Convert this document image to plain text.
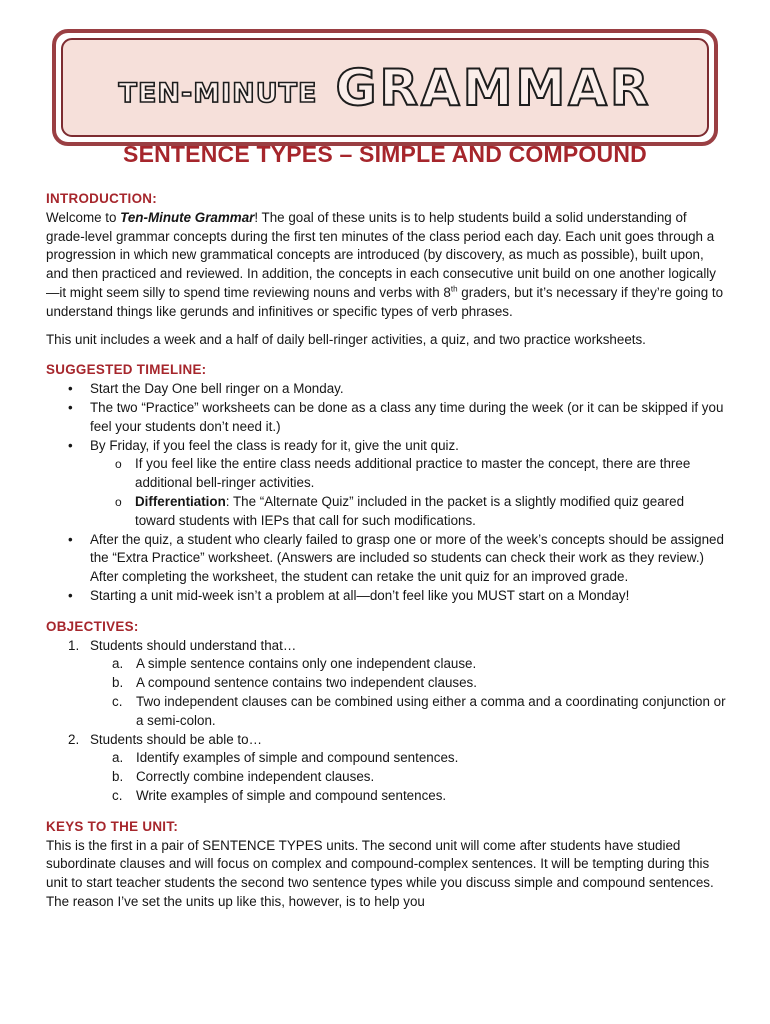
TEN-MINUTE GRAMMAR
SENTENCE TYPES – SIMPLE AND COMPOUND
INTRODUCTION:

Welcome to Ten-Minute Grammar! The goal of these units is to help students build a solid understanding of grade-level grammar concepts during the first ten minutes of the class period each day. Each unit goes through a progression in which new grammatical concepts are introduced (by discovery, as much as possible), built upon, and then practiced and reviewed. In addition, the concepts in each consecutive unit build on one another logically—it might seem silly to spend time reviewing nouns and verbs with 8th graders, but it’s necessary if they’re going to understand things like gerunds and infinitives or specific types of verb phrases.

This unit includes a week and a half of daily bell-ringer activities, a quiz, and two practice worksheets.

SUGGESTED TIMELINE:
• Start the Day One bell ringer on a Monday.
• The two “Practice” worksheets can be done as a class any time during the week (or it can be skipped if you feel your students don’t need it.)
• By Friday, if you feel the class is ready for it, give the unit quiz.
o If you feel like the entire class needs additional practice to master the concept, there are three additional bell-ringer activities.
o Differentiation: The “Alternate Quiz” included in the packet is a slightly modified quiz geared toward students with IEPs that call for such modifications.
• After the quiz, a student who clearly failed to grasp one or more of the week’s concepts should be assigned the “Extra Practice” worksheet. (Answers are included so students can check their work as they review.) After completing the worksheet, the student can retake the unit quiz for an improved grade.
• Starting a unit mid-week isn’t a problem at all—don’t feel like you MUST start on a Monday!
OBJECTIVES:
1. Students should understand that…
a. A simple sentence contains only one independent clause.
b. A compound sentence contains two independent clauses.
c. Two independent clauses can be combined using either a comma and a coordinating conjunction or a semi-colon.
2. Students should be able to…
a. Identify examples of simple and compound sentences.
b. Correctly combine independent clauses.
c. Write examples of simple and compound sentences.
KEYS TO THE UNIT:

This is the first in a pair of SENTENCE TYPES units. The second unit will come after students have studied subordinate clauses and will focus on complex and compound-complex sentences. It will be tempting during this unit to start teacher students the second two sentence types while you discuss simple and compound sentences. The reason I’ve set the units up like this, however, is to help you
